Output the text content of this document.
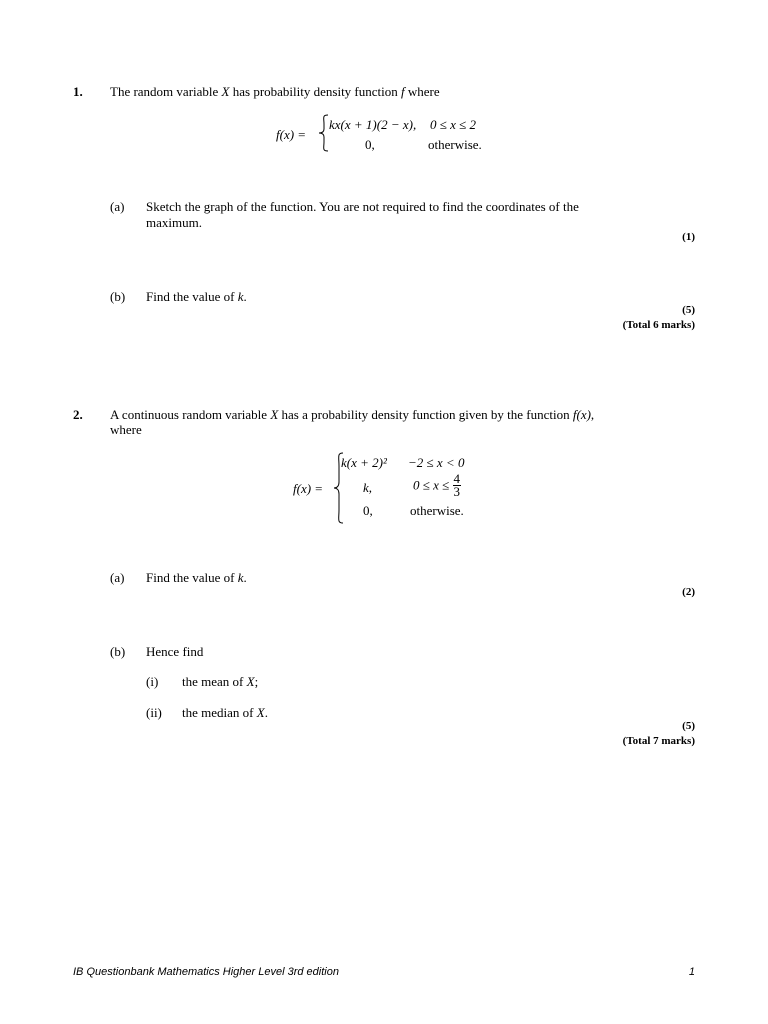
1. The random variable X has probability density function f where
f(x) =
kx(x + 1)(2 − x), 0 ≤ x ≤ 2
0,	otherwise.
(a) Sketch the graph of the function. You are not required to find the coordinates of the
maximum.
(1)
(b) Find the value of k.
(5)
(Total 6 marks)
2. A continuous random variable X has a probability density function given by the function f(x),
where
f(x) =
k(x + 2)² −2 ≤ x < 0
k,	$0 \le x \le \frac{4}{3}$
0,	otherwise.
(a) Find the value of k.
(2)
(b) Hence find
(i) the mean of X;
(ii) the median of X.
(5)
(Total 7 marks)
IB Questionbank Mathematics Higher Level 3rd edition	1
